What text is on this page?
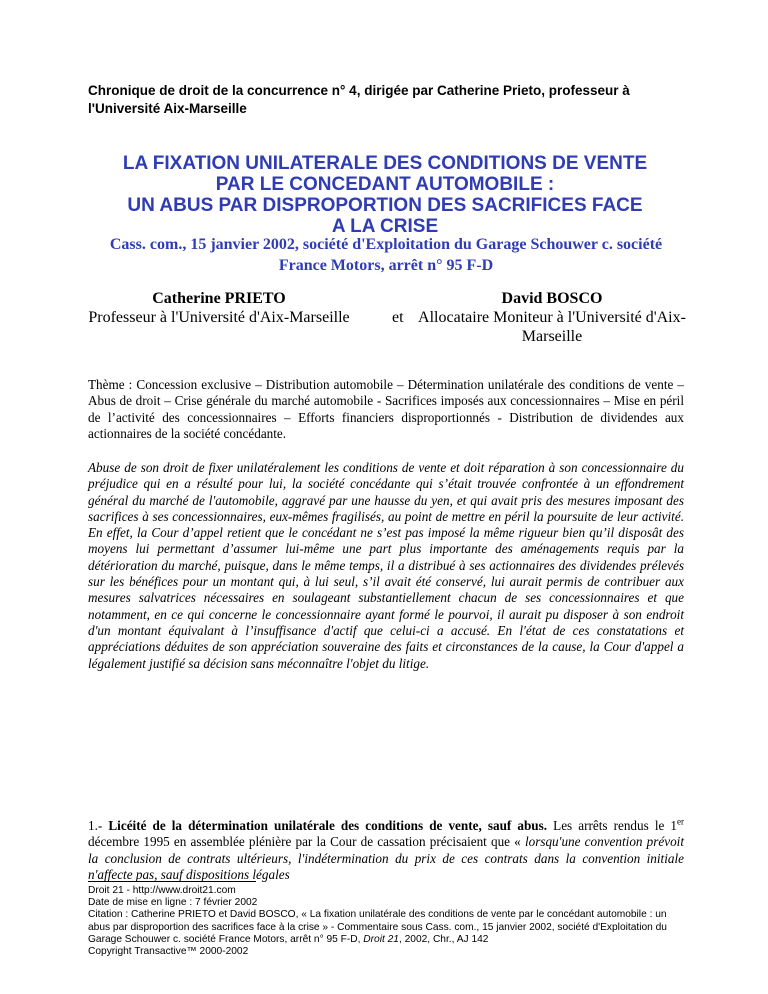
Chronique de droit de la concurrence n° 4, dirigée par Catherine Prieto, professeur à l'Université Aix-Marseille
LA FIXATION UNILATERALE DES CONDITIONS DE VENTE
PAR LE CONCEDANT AUTOMOBILE :
UN ABUS PAR DISPROPORTION DES SACRIFICES FACE
A LA CRISE
Cass. com., 15 janvier 2002, société d'Exploitation du Garage Schouwer c. société France Motors, arrêt n° 95 F-D
Catherine PRIETO
Professeur à l'Université d'Aix-Marseille	et
David BOSCO
Allocataire Moniteur à l'Université d'Aix-Marseille
Thème : Concession exclusive – Distribution automobile – Détermination unilatérale des conditions de vente – Abus de droit – Crise générale du marché automobile - Sacrifices imposés aux concessionnaires – Mise en péril de l’activité des concessionnaires – Efforts financiers disproportionnés - Distribution de dividendes aux actionnaires de la société concédante.
Abuse de son droit de fixer unilatéralement les conditions de vente et doit réparation à son concessionnaire du préjudice qui en a résulté pour lui, la société concédante qui s’était trouvée confrontée à un effondrement général du marché de l'automobile, aggravé par une hausse du yen, et qui avait pris des mesures imposant des sacrifices à ses concessionnaires, eux-mêmes fragilisés, au point de mettre en péril la poursuite de leur activité. En effet, la Cour d’appel retient que le concédant ne s’est pas imposé la même rigueur bien qu’il disposât des moyens lui permettant d’assumer lui-même une part plus importante des aménagements requis par la détérioration du marché, puisque, dans le même temps, il a distribué à ses actionnaires des dividendes prélevés sur les bénéfices pour un montant qui, à lui seul, s’il avait été conservé, lui aurait permis de contribuer aux mesures salvatrices nécessaires en soulageant substantiellement chacun de ses concessionnaires et que notamment, en ce qui concerne le concessionnaire ayant formé le pourvoi, il aurait pu disposer à son endroit d'un montant équivalant à l’insuffisance d'actif que celui-ci a accusé. En l'état de ces constatations et appréciations déduites de son appréciation souveraine des faits et circonstances de la cause, la Cour d'appel a légalement justifié sa décision sans méconnaître l'objet du litige.
1.- Licéité de la détermination unilatérale des conditions de vente, sauf abus. Les arrêts rendus le 1er décembre 1995 en assemblée plénière par la Cour de cassation précisaient que « lorsqu'une convention prévoit la conclusion de contrats ultérieurs, l'indétermination du prix de ces contrats dans la convention initiale n'affecte pas, sauf dispositions légales
Droit 21 - http://www.droit21.com
Date de mise en ligne : 7 février 2002
Citation : Catherine PRIETO et David BOSCO, « La fixation unilatérale des conditions de vente par le concédant automobile : un abus par disproportion des sacrifices face à la crise » - Commentaire sous Cass. com., 15 janvier 2002, société d'Exploitation du Garage Schouwer c. société France Motors, arrêt n° 95 F-D, Droit 21, 2002, Chr., AJ 142
Copyright Transactive™ 2000-2002
